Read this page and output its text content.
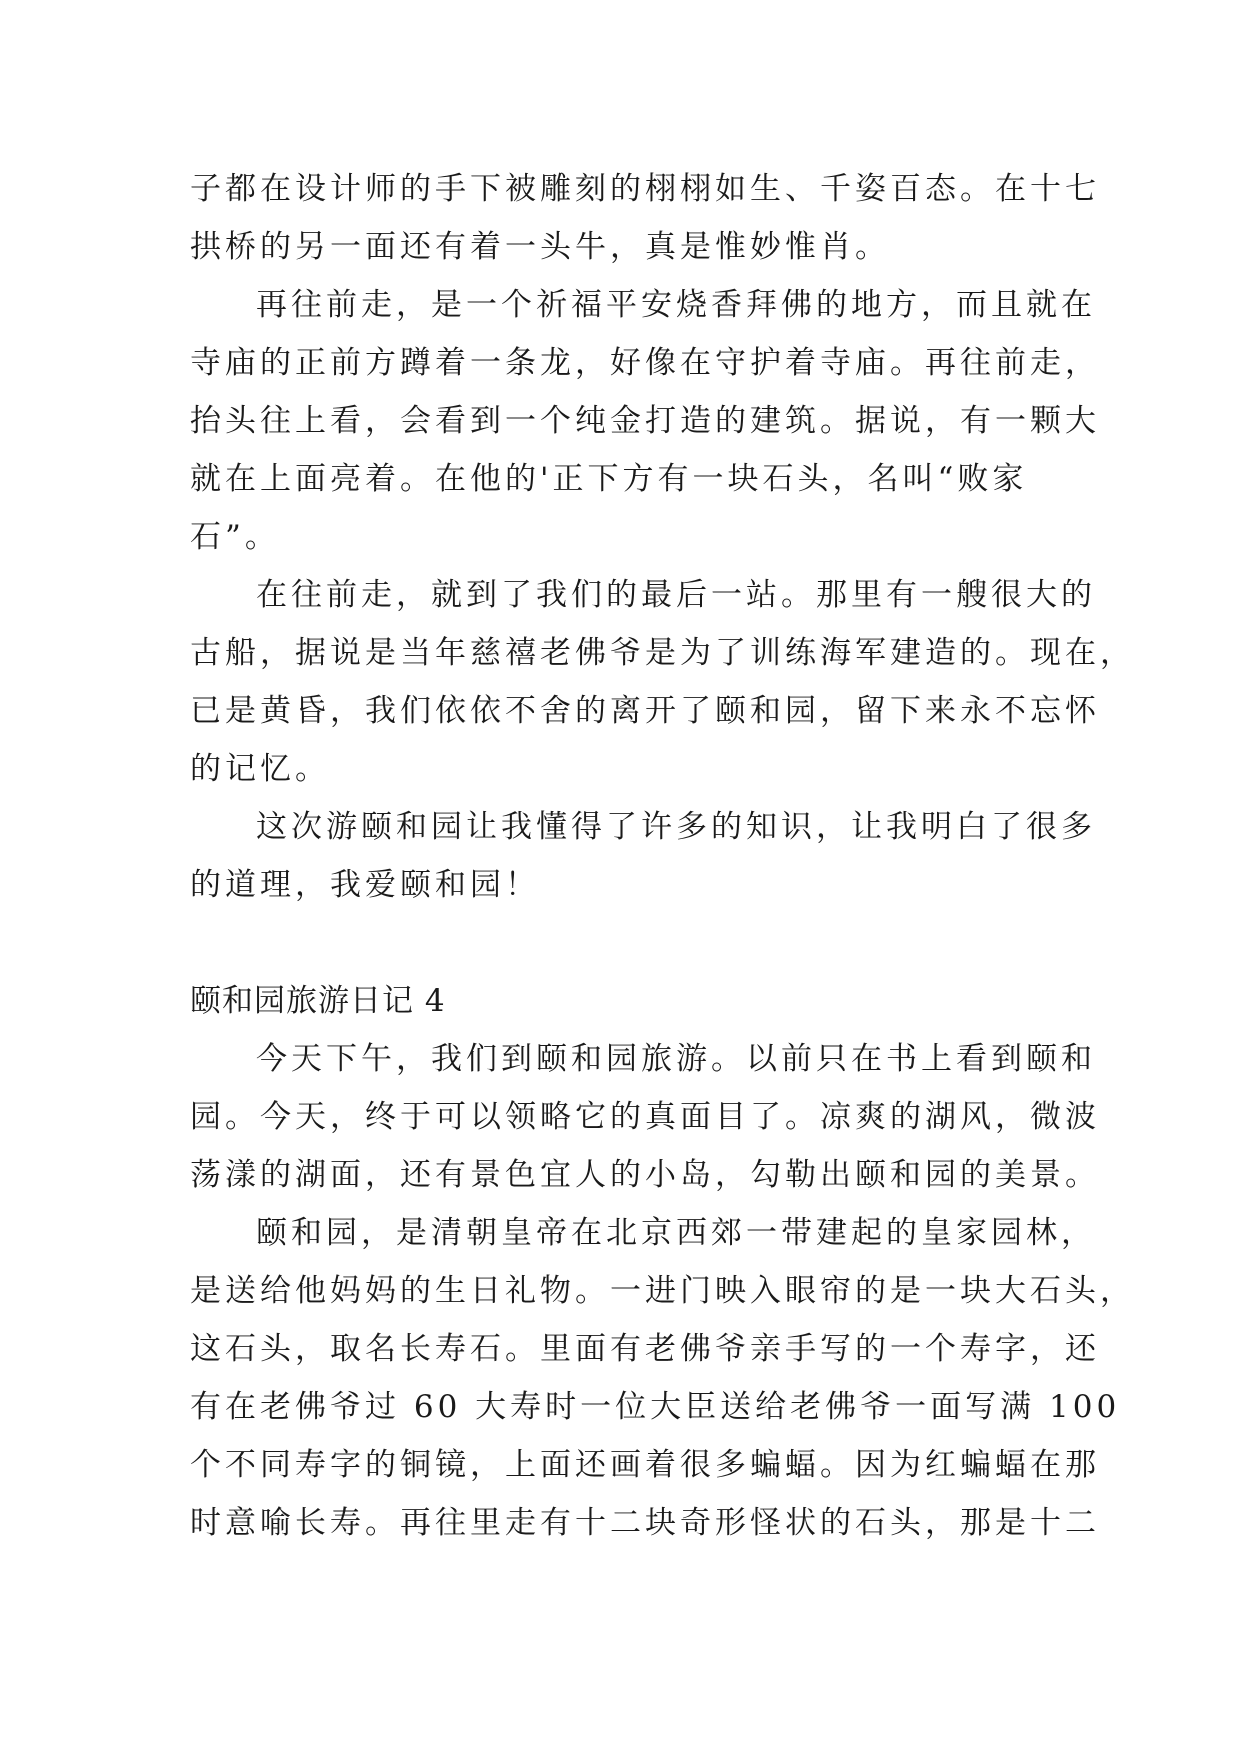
子都在设计师的手下被雕刻的栩栩如生、千姿百态。在十七

拱桥的另一面还有着一头牛，真是惟妙惟肖。

再往前走，是一个祈福平安烧香拜佛的地方，而且就在

寺庙的正前方蹲着一条龙，好像在守护着寺庙。再往前走，

抬头往上看，会看到一个纯金打造的建筑。据说，有一颗大

就在上面亮着。在他的'正下方有一块石头，名叫“败家

石”。

在往前走，就到了我们的最后一站。那里有一艘很大的

古船，据说是当年慈禧老佛爷是为了训练海军建造的。现在，

已是黄昏，我们依依不舍的离开了颐和园，留下来永不忘怀

的记忆。

这次游颐和园让我懂得了许多的知识，让我明白了很多

的道理，我爱颐和园！

颐和园旅游日记 4

今天下午，我们到颐和园旅游。以前只在书上看到颐和

园。今天，终于可以领略它的真面目了。凉爽的湖风，微波

荡漾的湖面，还有景色宜人的小岛，勾勒出颐和园的美景。

颐和园，是清朝皇帝在北京西郊一带建起的皇家园林，

是送给他妈妈的生日礼物。一进门映入眼帘的是一块大石头，

这石头，取名长寿石。里面有老佛爷亲手写的一个寿字，还

有在老佛爷过 60 大寿时一位大臣送给老佛爷一面写满 100

个不同寿字的铜镜，上面还画着很多蝙蝠。因为红蝙蝠在那

时意喻长寿。再往里走有十二块奇形怪状的石头，那是十二
